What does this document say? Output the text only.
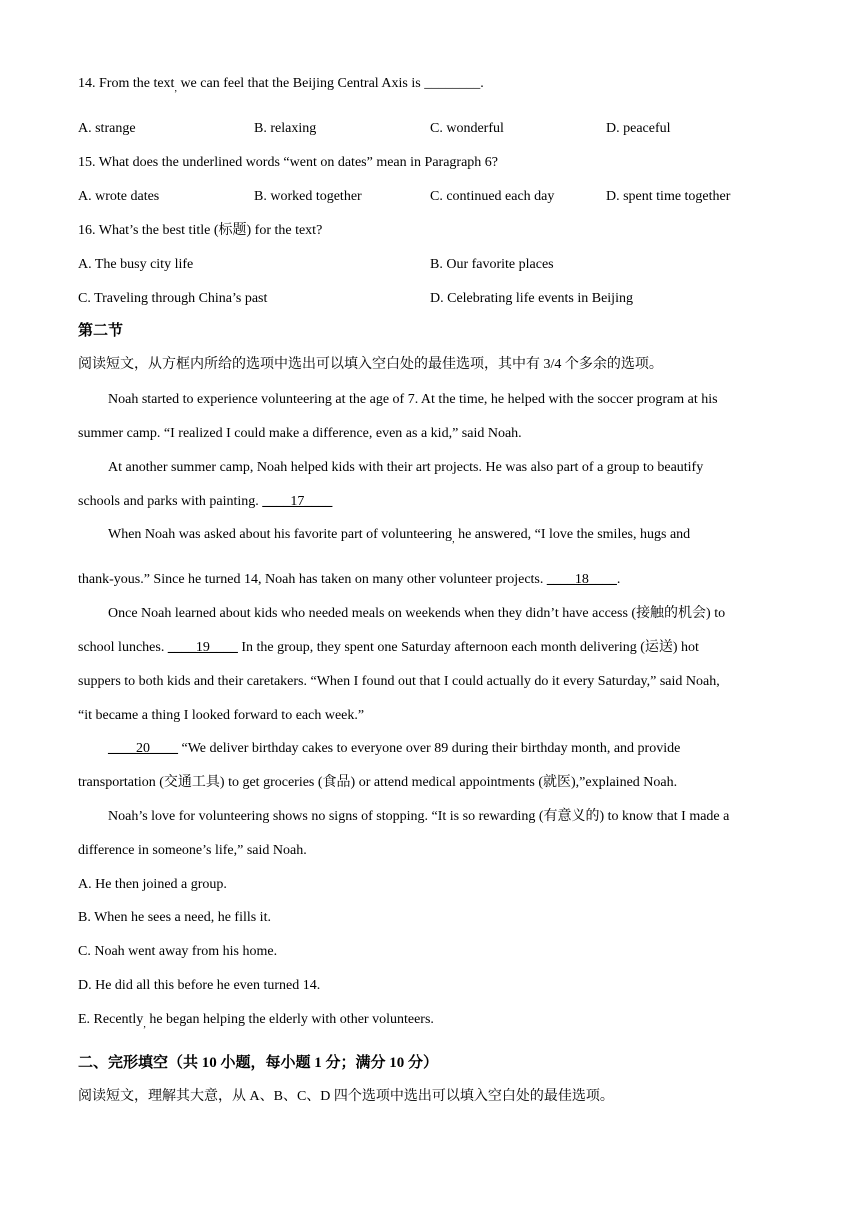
14. From the text$_,$ we can feel that the Beijing Central Axis is ________.
A. strange	B. relaxing	C. wonderful	D. peaceful
15. What does the underlined words “went on dates” mean in Paragraph 6?
A. wrote dates	B. worked together	C. continued each day	D. spent time together
16. What’s the best title (标题) for the text?
A. The busy city life	B. Our favorite places
C. Traveling through China’s past	D. Celebrating life events in Beijing
第二节
阅读短文，从方框内所给的选项中选出可以填入空白处的最佳选项，其中有 3/4 个多余的选项。
Noah started to experience volunteering at the age of 7. At the time, he helped with the soccer program at his
summer camp. “I realized I could make a difference, even as a kid,” said Noah.
At another summer camp, Noah helped kids with their art projects. He was also part of a group to beautify
schools and parks with painting. ____17____
When Noah was asked about his favorite part of volunteering$_,$ he answered, “I love the smiles, hugs and
thank-yous.” Since he turned 14, Noah has taken on many other volunteer projects. ____18____.
Once Noah learned about kids who needed meals on weekends when they didn’t have access (接触的机会) to
school lunches. ____19____ In the group, they spent one Saturday afternoon each month delivering (运送) hot
suppers to both kids and their caretakers. “When I found out that I could actually do it every Saturday,” said Noah,
“it became a thing I looked forward to each week.”
____20____ “We deliver birthday cakes to everyone over 89 during their birthday month, and provide
transportation (交通工具) to get groceries (食品) or attend medical appointments (就医),”explained Noah.
Noah’s love for volunteering shows no signs of stopping. “It is so rewarding (有意义的) to know that I made a
difference in someone’s life,” said Noah.
A. He then joined a group.
B. When he sees a need, he fills it.
C. Noah went away from his home.
D. He did all this before he even turned 14.
E. Recently$_,$ he began helping the elderly with other volunteers.
二、完形填空（共 10 小题，每小题 1 分；满分 10 分）
阅读短文，理解其大意，从 A、B、C、D 四个选项中选出可以填入空白处的最佳选项。
